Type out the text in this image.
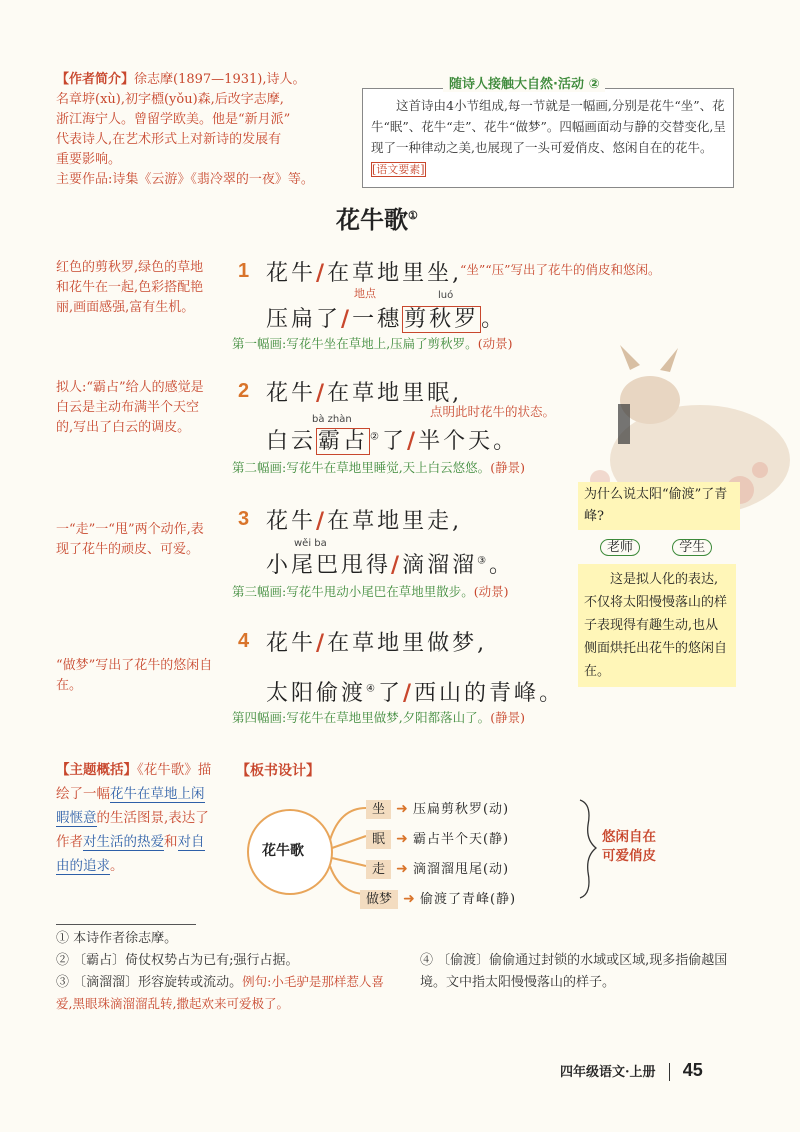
【作者简介】徐志摩(1897—1931),诗人。
名章垿(xù),初字槱(yǒu)森,后改字志摩,
浙江海宁人。曾留学欧美。他是“新月派”
代表诗人,在艺术形式上对新诗的发展有
重要影响。
主要作品:诗集《云游》《翡冷翠的一夜》等。
随诗人接触大自然·活动 ②
这首诗由4小节组成,每一节就是一幅画,分别是花牛“坐”、花牛“眠”、花牛“走”、花牛“做梦”。四幅画面动与静的交替变化,呈现了一种律动之美,也展现了一头可爱俏皮、悠闲自在的花牛。[语文要素]
花牛歌①
红色的剪秋罗,绿色的草地和花牛在一起,色彩搭配艳丽,画面感强,富有生机。
1 花牛/在草地里坐,
“坐”“压”写出了花牛的俏皮和悠闲。
地点	luó
压扁了/一穗剪秋罗。
第一幅画:写花牛坐在草地上,压扁了剪秋罗。(动景)
拟人:“霸占”给人的感觉是白云是主动布满半个天空的,写出了白云的调皮。
2 花牛/在草地里眠,
点明此时花牛的状态。
bà zhàn
白云霸占 ②了/半个天。
第二幅画:写花牛在草地里睡觉,天上白云悠悠。(静景)
一“走”一“甩”两个动作,表现了花牛的顽皮、可爱。
3 花牛/在草地里走,
wěi ba
小尾巴甩得/滴溜溜③。
第三幅画:写花牛甩动小尾巴在草地里散步。(动景)
“做梦”写出了花牛的悠闲自在。
4 花牛/在草地里做梦,
太阳偷渡④了/西山的青峰。
第四幅画:写花牛在草地里做梦,夕阳都落山了。(静景)
为什么说太阳“偷渡”了青峰?
老师	学生
这是拟人化的表达,不仅将太阳慢慢落山的样子表现得有趣生动,也从侧面烘托出花牛的悠闲自在。
【主题概括】《花牛歌》描绘了一幅花牛在草地上闲暇惬意的生活图景,表达了作者对生活的热爱和对自由的追求。
【板书设计】
花牛歌
坐 ➜ 压扁剪秋罗(动)
眠 ➜ 霸占半个天(静)
走 ➜ 滴溜溜甩尾(动)
做梦 ➜ 偷渡了青峰(静)
悠闲自在
可爱俏皮
① 本诗作者徐志摩。
② 〔霸占〕倚仗权势占为已有;强行占据。
③ 〔滴溜溜〕形容旋转或流动。例句:小毛驴是那样惹人喜爱,黑眼珠滴溜溜乱转,撒起欢来可爱极了。
④ 〔偷渡〕偷偷通过封锁的水域或区域,现多指偷越国境。文中指太阳慢慢落山的样子。
四年级语文·上册 45
